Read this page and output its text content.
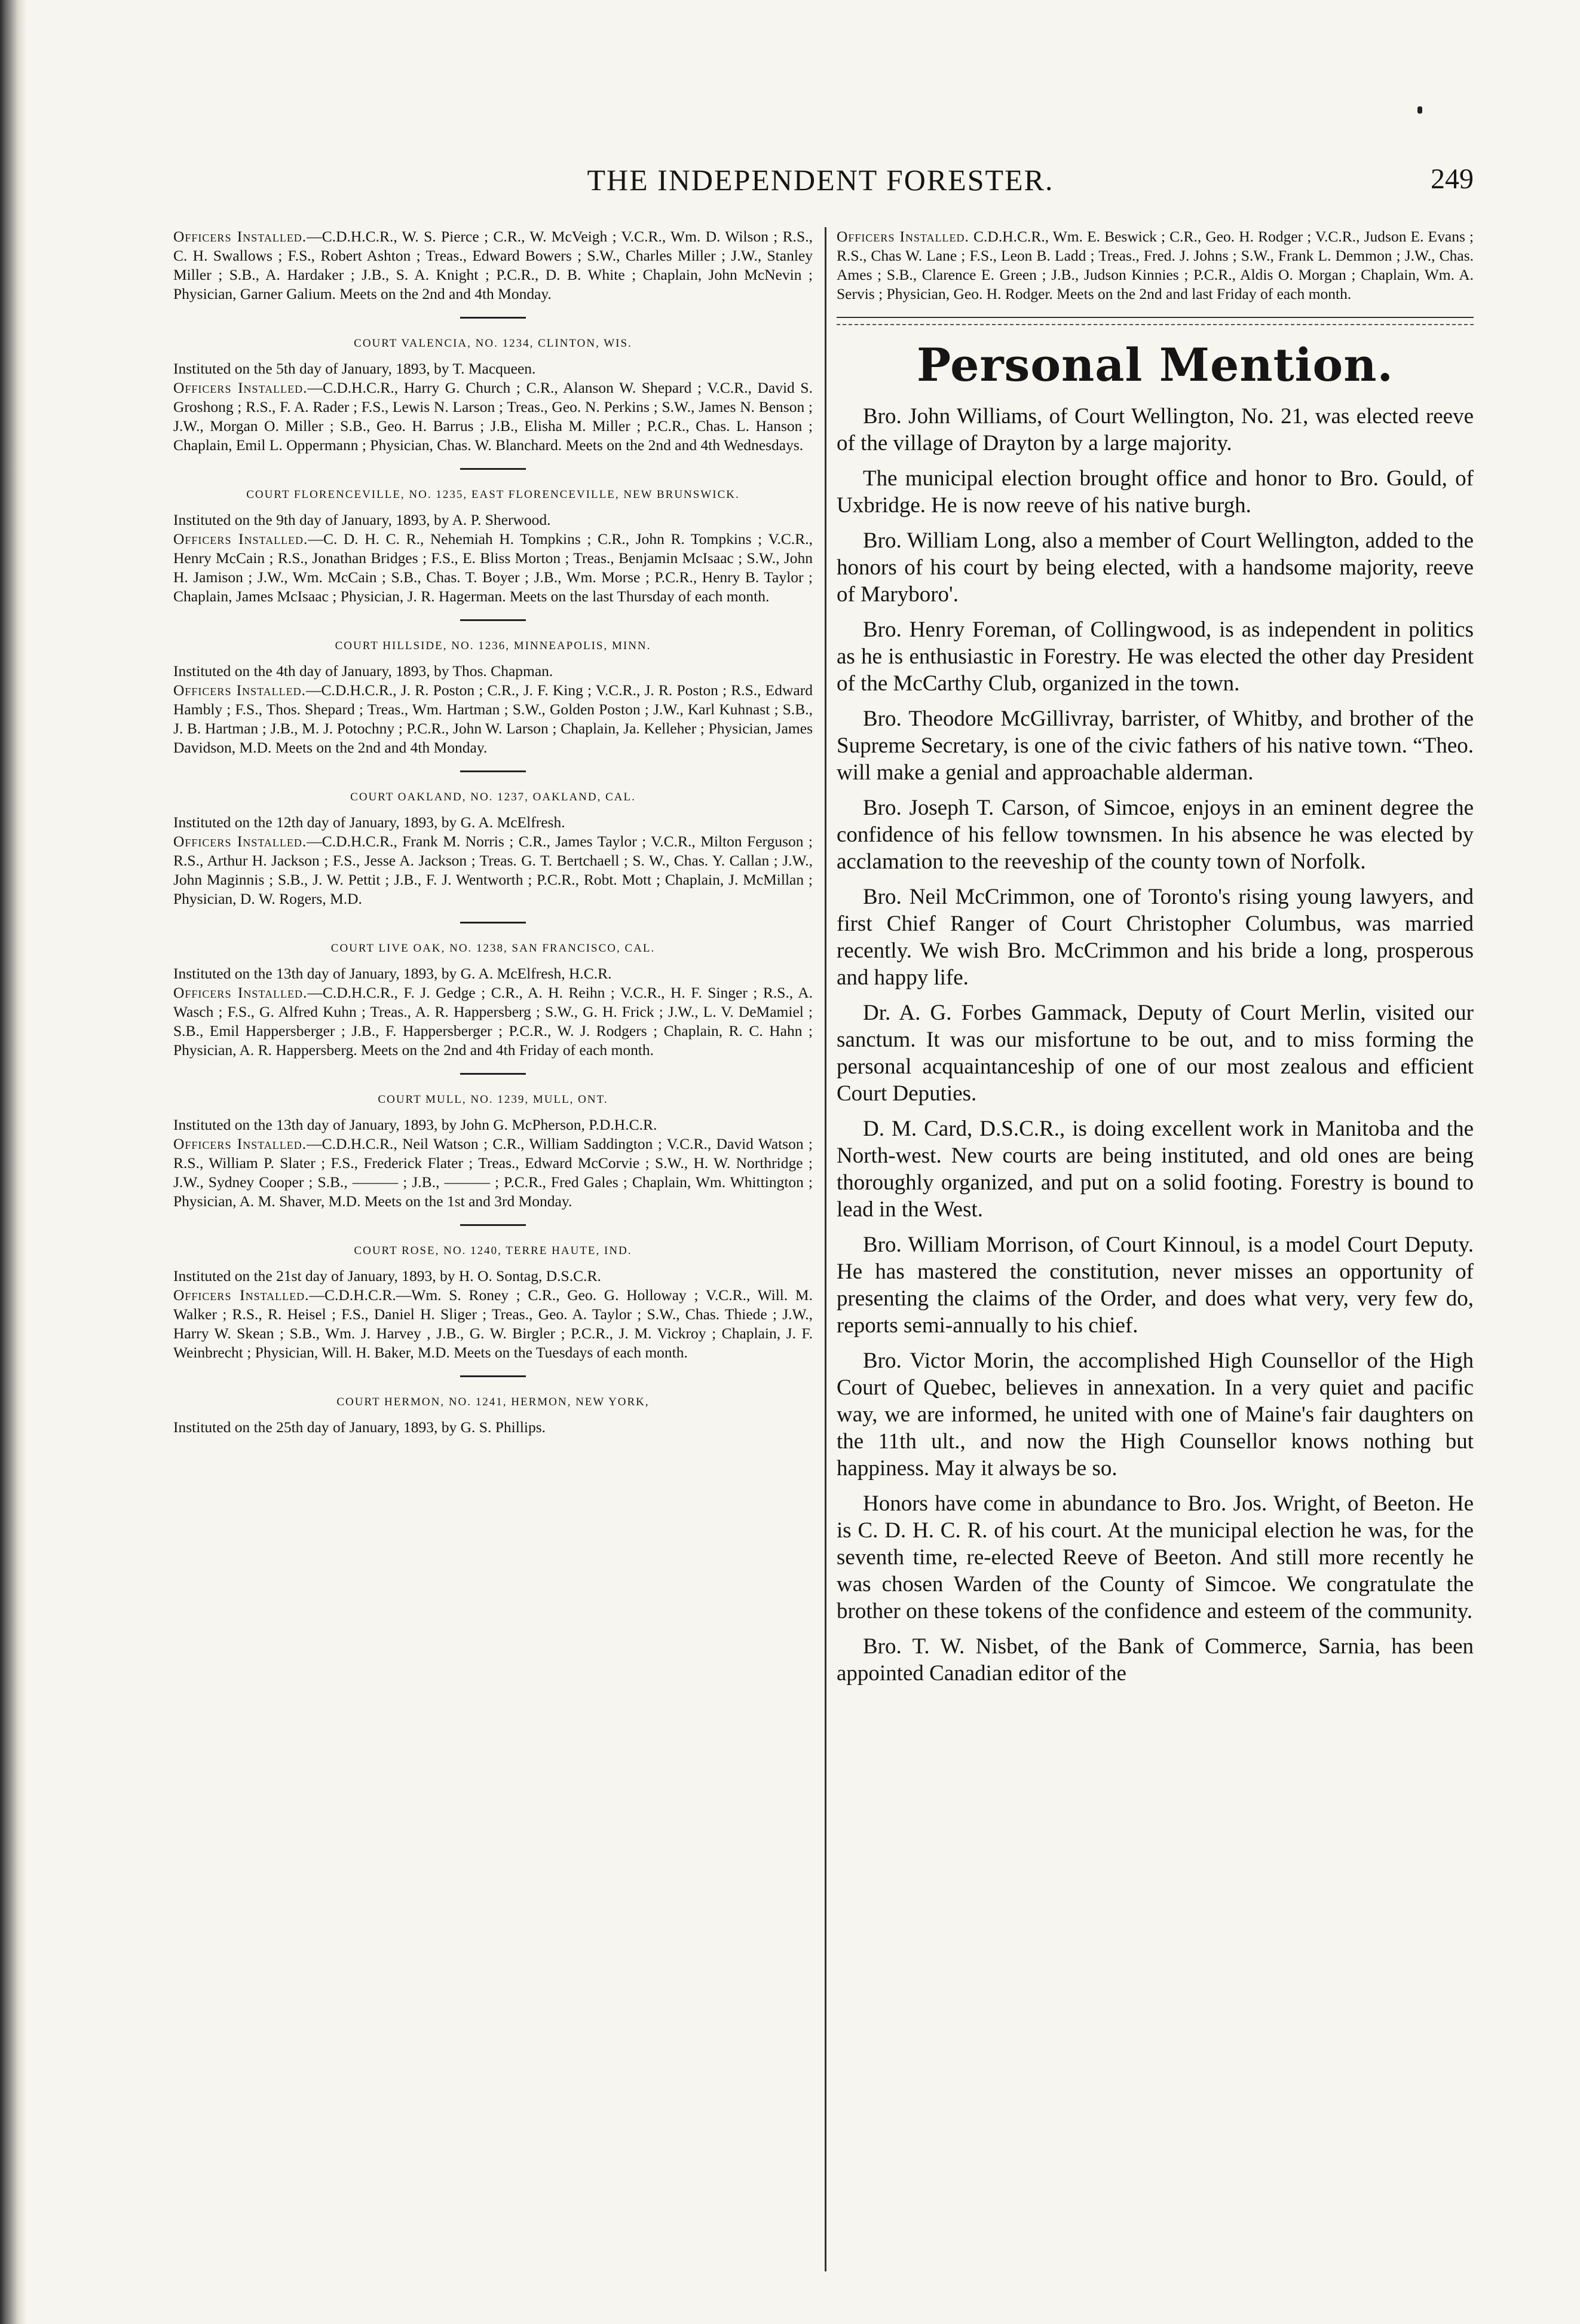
THE INDEPENDENT FORESTER.	249
Officers Installed.—C.D.H.C.R., W. S. Pierce ; C.R., W. McVeigh ; V.C.R., Wm. D. Wilson ; R.S., C. H. Swallows ; F.S., Robert Ashton ; Treas., Edward Bowers ; S.W., Charles Miller ; J.W., Stanley Miller ; S.B., A. Hardaker ; J.B., S. A. Knight ; P.C.R., D. B. White ; Chaplain, John McNevin ; Physician, Garner Galium. Meets on the 2nd and 4th Monday.
COURT VALENCIA, NO. 1234, CLINTON, WIS.
Instituted on the 5th day of January, 1893, by T. Macqueen.
Officers Installed.—C.D.H.C.R., Harry G. Church ; C.R., Alanson W. Shepard ; V.C.R., David S. Groshong ; R.S., F. A. Rader ; F.S., Lewis N. Larson ; Treas., Geo. N. Perkins ; S.W., James N. Benson ; J.W., Morgan O. Miller ; S.B., Geo. H. Barrus ; J.B., Elisha M. Miller ; P.C.R., Chas. L. Hanson ; Chaplain, Emil L. Oppermann ; Physician, Chas. W. Blanchard. Meets on the 2nd and 4th Wednesdays.
COURT FLORENCEVILLE, NO. 1235, EAST FLORENCEVILLE, NEW BRUNSWICK.
Instituted on the 9th day of January, 1893, by A. P. Sherwood.
Officers Installed.—C. D. H. C. R., Nehemiah H. Tompkins ; C.R., John R. Tompkins ; V.C.R., Henry McCain ; R.S., Jonathan Bridges ; F.S., E. Bliss Morton ; Treas., Benjamin McIsaac ; S.W., John H. Jamison ; J.W., Wm. McCain ; S.B., Chas. T. Boyer ; J.B., Wm. Morse ; P.C.R., Henry B. Taylor ; Chaplain, James McIsaac ; Physician, J. R. Hagerman. Meets on the last Thursday of each month.
COURT HILLSIDE, NO. 1236, MINNEAPOLIS, MINN.
Instituted on the 4th day of January, 1893, by Thos. Chapman.
Officers Installed.—C.D.H.C.R., J. R. Poston ; C.R., J. F. King ; V.C.R., J. R. Poston ; R.S., Edward Hambly ; F.S., Thos. Shepard ; Treas., Wm. Hartman ; S.W., Golden Poston ; J.W., Karl Kuhnast ; S.B., J. B. Hartman ; J.B., M. J. Potochny ; P.C.R., John W. Larson ; Chaplain, Ja. Kelleher ; Physician, James Davidson, M.D. Meets on the 2nd and 4th Monday.
COURT OAKLAND, NO. 1237, OAKLAND, CAL.
Instituted on the 12th day of January, 1893, by G. A. McElfresh.
Officers Installed.—C.D.H.C.R., Frank M. Norris ; C.R., James Taylor ; V.C.R., Milton Ferguson ; R.S., Arthur H. Jackson ; F.S., Jesse A. Jackson ; Treas. G. T. Bertchaell ; S. W., Chas. Y. Callan ; J.W., John Maginnis ; S.B., J. W. Pettit ; J.B., F. J. Wentworth ; P.C.R., Robt. Mott ; Chaplain, J. McMillan ; Physician, D. W. Rogers, M.D.
COURT LIVE OAK, NO. 1238, SAN FRANCISCO, CAL.
Instituted on the 13th day of January, 1893, by G. A. McElfresh, H.C.R.
Officers Installed.—C.D.H.C.R., F. J. Gedge ; C.R., A. H. Reihn ; V.C.R., H. F. Singer ; R.S., A. Wasch ; F.S., G. Alfred Kuhn ; Treas., A. R. Happersberg ; S.W., G. H. Frick ; J.W., L. V. DeMamiel ; S.B., Emil Happersberger ; J.B., F. Happersberger ; P.C.R., W. J. Rodgers ; Chaplain, R. C. Hahn ; Physician, A. R. Happersberg. Meets on the 2nd and 4th Friday of each month.
COURT MULL, NO. 1239, MULL, ONT.
Instituted on the 13th day of January, 1893, by John G. McPherson, P.D.H.C.R.
Officers Installed.—C.D.H.C.R., Neil Watson ; C.R., William Saddington ; V.C.R., David Watson ; R.S., William P. Slater ; F.S., Frederick Flater ; Treas., Edward McCorvie ; S.W., H. W. Northridge ; J.W., Sydney Cooper ; S.B., ——— ; J.B., ——— ; P.C.R., Fred Gales ; Chaplain, Wm. Whittington ; Physician, A. M. Shaver, M.D. Meets on the 1st and 3rd Monday.
COURT ROSE, NO. 1240, TERRE HAUTE, IND.
Instituted on the 21st day of January, 1893, by H. O. Sontag, D.S.C.R.
Officers Installed.—C.D.H.C.R.—Wm. S. Roney ; C.R., Geo. G. Holloway ; V.C.R., Will. M. Walker ; R.S., R. Heisel ; F.S., Daniel H. Sliger ; Treas., Geo. A. Taylor ; S.W., Chas. Thiede ; J.W., Harry W. Skean ; S.B., Wm. J. Harvey , J.B., G. W. Birgler ; P.C.R., J. M. Vickroy ; Chaplain, J. F. Weinbrecht ; Physician, Will. H. Baker, M.D. Meets on the Tuesdays of each month.
COURT HERMON, NO. 1241, HERMON, NEW YORK,
Instituted on the 25th day of January, 1893, by G. S. Phillips.
Officers Installed. C.D.H.C.R., Wm. E. Beswick ; C.R., Geo. H. Rodger ; V.C.R., Judson E. Evans ; R.S., Chas W. Lane ; F.S., Leon B. Ladd ; Treas., Fred. J. Johns ; S.W., Frank L. Demmon ; J.W., Chas. Ames ; S.B., Clarence E. Green ; J.B., Judson Kinnies ; P.C.R., Aldis O. Morgan ; Chaplain, Wm. A. Servis ; Physician, Geo. H. Rodger. Meets on the 2nd and last Friday of each month.
Personal Mention.

Bro. John Williams, of Court Wellington, No. 21, was elected reeve of the village of Drayton by a large majority.

The municipal election brought office and honor to Bro. Gould, of Uxbridge. He is now reeve of his native burgh.

Bro. William Long, also a member of Court Wellington, added to the honors of his court by being elected, with a handsome majority, reeve of Maryboro'.

Bro. Henry Foreman, of Collingwood, is as independent in politics as he is enthusiastic in Forestry. He was elected the other day President of the McCarthy Club, organized in the town.

Bro. Theodore McGillivray, barrister, of Whitby, and brother of the Supreme Secretary, is one of the civic fathers of his native town. “Theo. will make a genial and approachable alderman.

Bro. Joseph T. Carson, of Simcoe, enjoys in an eminent degree the confidence of his fellow townsmen. In his absence he was elected by acclamation to the reeveship of the county town of Norfolk.

Bro. Neil McCrimmon, one of Toronto's rising young lawyers, and first Chief Ranger of Court Christopher Columbus, was married recently. We wish Bro. McCrimmon and his bride a long, prosperous and happy life.

Dr. A. G. Forbes Gammack, Deputy of Court Merlin, visited our sanctum. It was our misfortune to be out, and to miss forming the personal acquaintanceship of one of our most zealous and efficient Court Deputies.

D. M. Card, D.S.C.R., is doing excellent work in Manitoba and the North-west. New courts are being instituted, and old ones are being thoroughly organized, and put on a solid footing. Forestry is bound to lead in the West.

Bro. William Morrison, of Court Kinnoul, is a model Court Deputy. He has mastered the constitution, never misses an opportunity of presenting the claims of the Order, and does what very, very few do, reports semi-annually to his chief.

Bro. Victor Morin, the accomplished High Counsellor of the High Court of Quebec, believes in annexation. In a very quiet and pacific way, we are informed, he united with one of Maine's fair daughters on the 11th ult., and now the High Counsellor knows nothing but happiness. May it always be so.

Honors have come in abundance to Bro. Jos. Wright, of Beeton. He is C. D. H. C. R. of his court. At the municipal election he was, for the seventh time, re-elected Reeve of Beeton. And still more recently he was chosen Warden of the County of Simcoe. We congratulate the brother on these tokens of the confidence and esteem of the community.

Bro. T. W. Nisbet, of the Bank of Commerce, Sarnia, has been appointed Canadian editor of the
